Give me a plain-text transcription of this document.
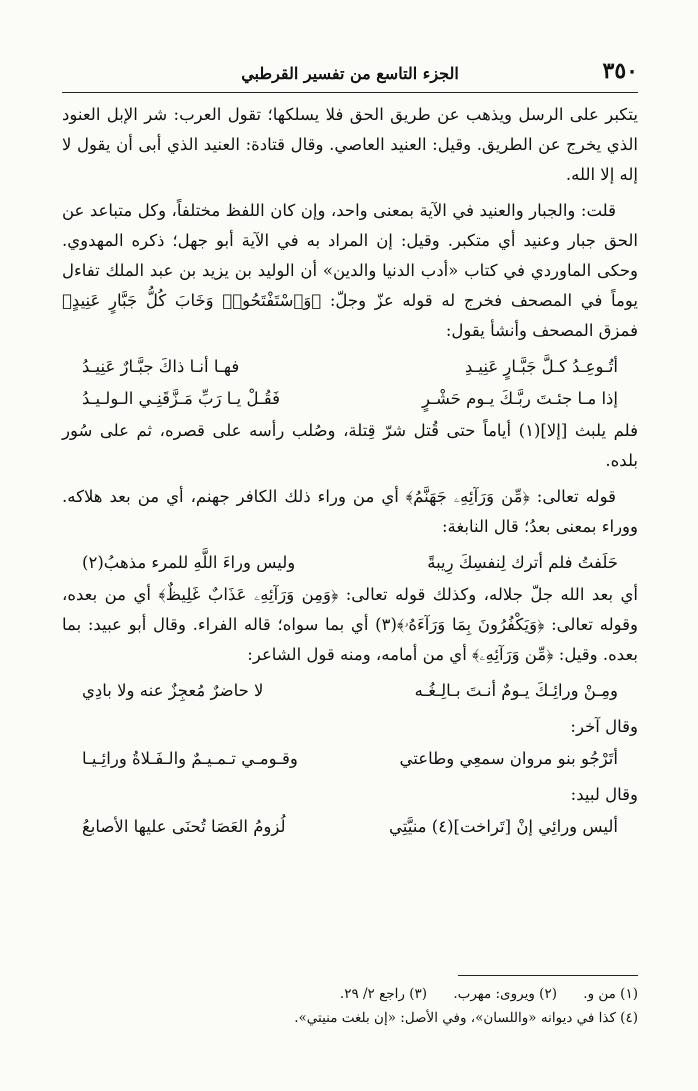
٣٥٠
الجزء التاسع من تفسير القرطبي

يتكبر على الرسل ويذهب عن طريق الحق فلا يسلكها؛ تقول العرب: شر الإبل العنود الذي يخرج عن الطريق. وقيل: العنيد العاصي. وقال قتادة: العنيد الذي أبى أن يقول لا إله إلا الله.

قلت: والجبار والعنيد في الآية بمعنى واحد، وإن كان اللفظ مختلفاً، وكل متباعد عن الحق جبار وعنيد أي متكبر. وقيل: إن المراد به في الآية أبو جهل؛ ذكره المهدوي. وحكى الماوردي في كتاب «أدب الدنيا والدين» أن الوليد بن يزيد بن عبد الملك تفاءل يوماً في المصحف فخرج له قوله عزّ وجلّ: ﴿وَٱسْتَفْتَحُوا۟ وَخَابَ كُلُّ جَبَّارٍ عَنِيدٍ﴾ فمزق المصحف وأنشأ يقول:

أتُـوعِـدُ كـلَّ جَبَّـارٍ عَنِيـدِ
فهـا أنـا ذاكَ جبَّـارٌ عَنِيـدُ
إذا مـا جئـتَ ربَّـكَ يـوم حَشْـرٍ
فَقُـلْ يـا رَبِّ مَـزَّقَنِـي الـولـيـدُ

فلم يلبث [إلا](١) أياماً حتى قُتل شرّ قِتلة، وصُلب رأسه على قصره، ثم على سُور بلده.

قوله تعالى: ﴿مِّن وَرَآئِهِۦ جَهَنَّمُ﴾ أي من وراء ذلك الكافر جهنم، أي من بعد هلاكه. ووراء بمعنى بعدُ؛ قال النابغة:

حَلَفتُ فلم أترك لِنفسِكَ رِيبةً
وليس وراءَ اللَّهِ للمرء مذهبُ(٢)

أي بعد الله جلّ جلاله، وكذلك قوله تعالى: ﴿وَمِن وَرَآئِهِۦ عَذَابٌ غَلِيظٌ﴾ أي من بعده، وقوله تعالى: ﴿وَيَكْفُرُونَ بِمَا وَرَآءَهُۥ﴾(٣) أي بما سواه؛ قاله الفراء. وقال أبو عبيد: بما بعده. وقيل: ﴿مِّن وَرَآئِهِۦ﴾ أي من أمامه، ومنه قول الشاعر:

ومِـنْ ورائِـكَ يـومٌ أنـتَ بـالِـغُـه
لا حاضرٌ مُعجِزٌ عنه ولا بادِي
وقال آخر:
أتَرْجُو بنو مروان سمعِي وطاعتي
وقـومـي تـمـيـمٌ والـفَـلاةُ ورائِـيـا
وقال لبيد:
أليس ورائِي إنْ [تَراخت](٤) منيَّتِي
لُزومُ العَصَا تُحنَى عليها الأصابعُ

(١) من و. (٢) ويروى: مهرب. (٣) راجع ٢/ ٢٩.

(٤) كذا في ديوانه «واللسان»، وفي الأصل: «إن بلغت منيتي».
